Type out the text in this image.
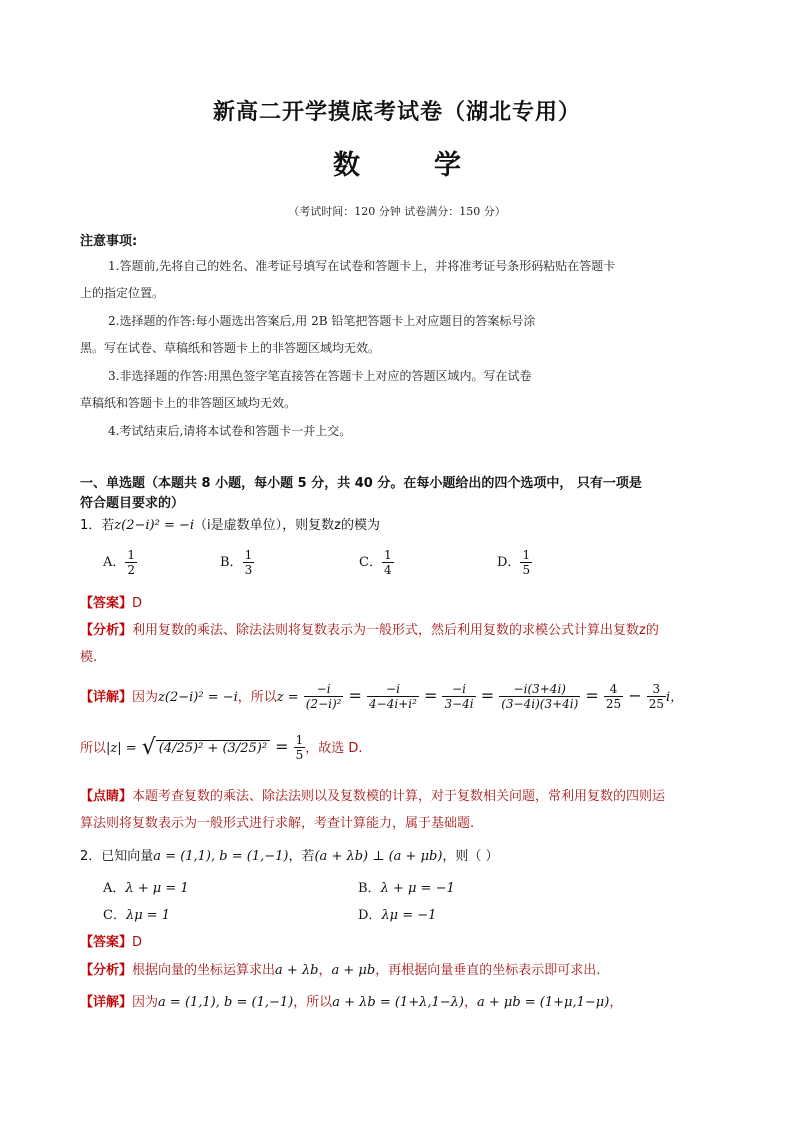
新高二开学摸底考试卷（湖北专用）
数学
（考试时间：120 分钟 试卷满分：150 分）
注意事项:
1.答题前,先将自己的姓名、准考证号填写在试卷和答题卡上，并将准考证号条形码粘贴在答题卡
上的指定位置。
2.选择题的作答:每小题选出答案后,用 2B 铅笔把答题卡上对应题目的答案标号涂
黑。写在试卷、草稿纸和答题卡上的非答题区域均无效。
3.非选择题的作答:用黑色签字笔直接答在答题卡上对应的答题区域内。写在试卷
草稿纸和答题卡上的非答题区域均无效。
4.考试结束后,请将本试卷和答题卡一并上交。
一、单选题（本题共 8 小题，每小题 5 分，共 40 分。在每小题给出的四个选项中， 只有一项是
符合题目要求的）
1．若z(2−i)² = −i（i是虚数单位），则复数z的模为
A． $\frac{1}{2}$	B． $\frac{1}{3}$	C． $\frac{1}{4}$	D． $\frac{1}{5}$
【答案】D
【分析】利用复数的乘法、除法法则将复数表示为一般形式，然后利用复数的求模公式计算出复数z的
模.
【详解】因为z(2−i)² = −i，所以$z = \frac{-i}{\text{(2−i)²}} = \frac{-i}{\text{4−4i+i²}} = \frac{-i}{3-4i} = \frac{-i(3+4i)}{(3-4i)(3+4i)} = \frac{4}{25} - \frac{3}{25}$ i，
所以|z| = √ $(4/25)^2 + (3/25)^2 = \frac{1}{5}$ ，故选 D.
【点睛】本题考查复数的乘法、除法法则以及复数模的计算，对于复数相关问题，常利用复数的四则运
算法则将复数表示为一般形式进行求解，考查计算能力，属于基础题.
2．已知向量a = (1,1), b = (1,−1)，若(a + λb) ⊥ (a + μb)，则（ ）
A．λ + μ = 1	B．λ + μ = −1
C．λμ = 1	D．λμ = −1
【答案】D
【分析】根据向量的坐标运算求出a + λb，a + μb，再根据向量垂直的坐标表示即可求出.
【详解】因为a = (1,1), b = (1,−1)，所以a + λb = (1+λ,1−λ)，a + μb = (1+μ,1−μ)，
